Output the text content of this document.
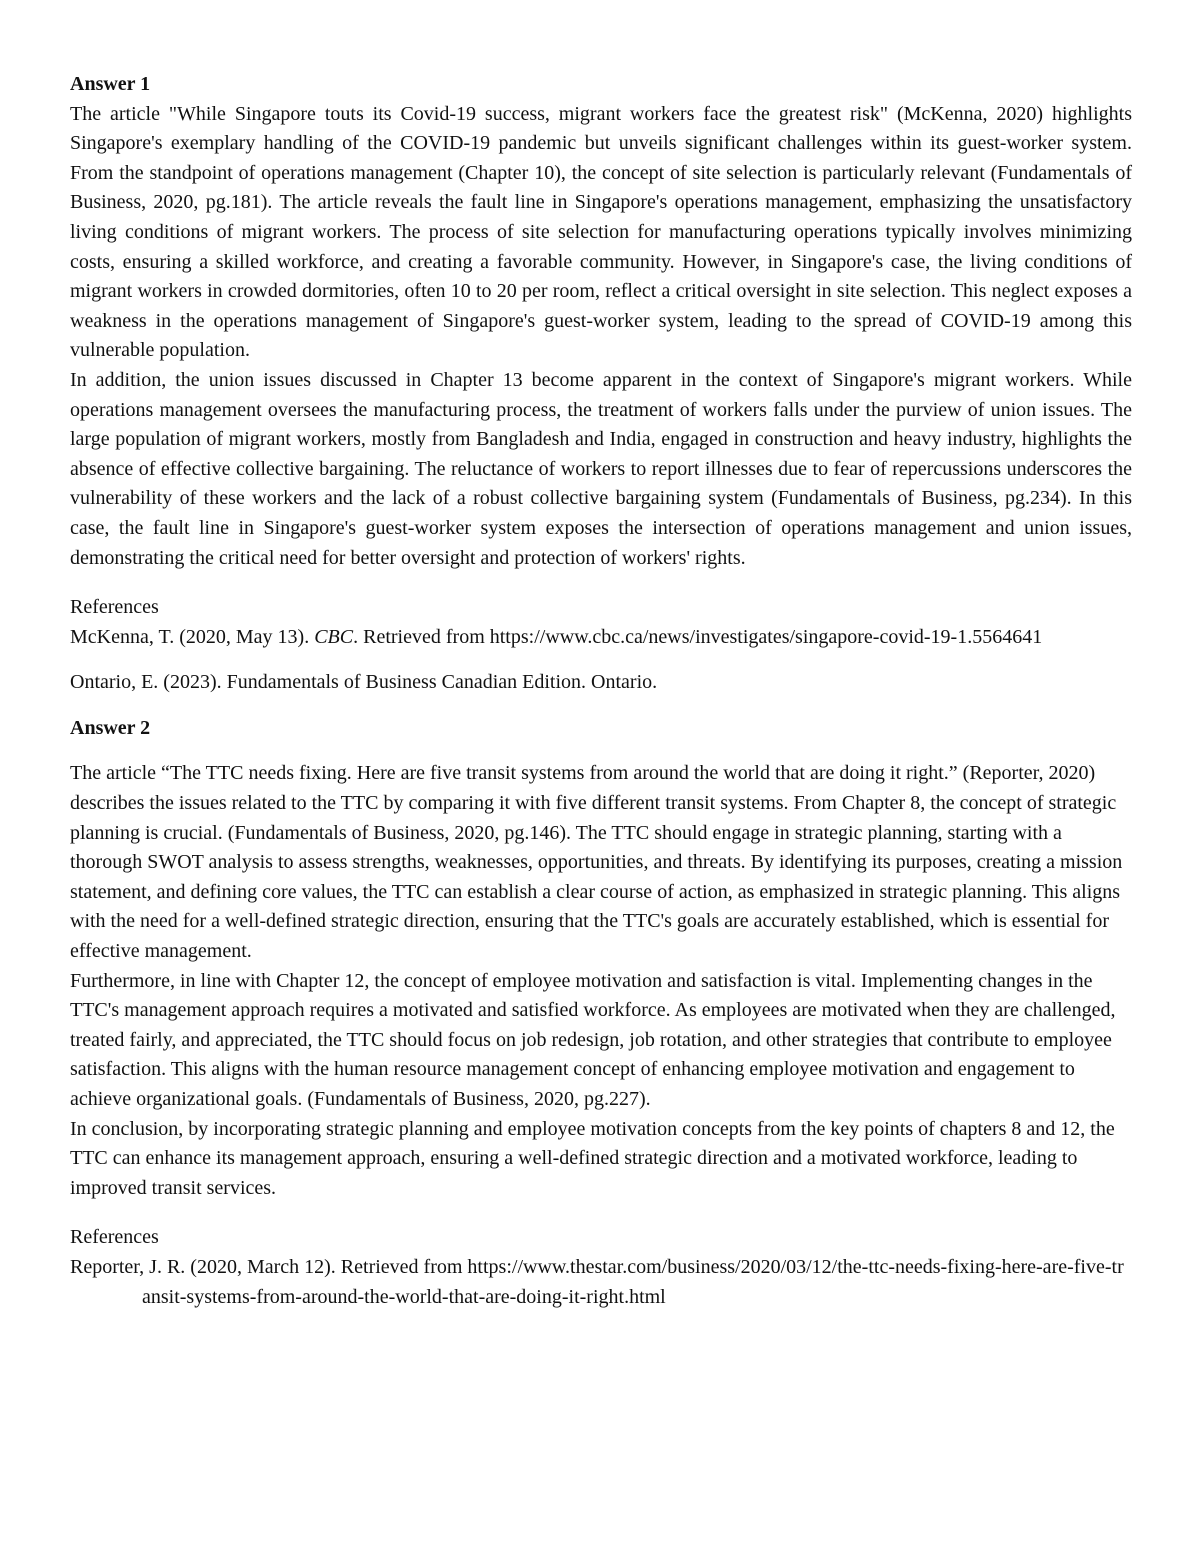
Answer 1

The article "While Singapore touts its Covid-19 success, migrant workers face the greatest risk" (McKenna, 2020) highlights Singapore's exemplary handling of the COVID-19 pandemic but unveils significant challenges within its guest-worker system. From the standpoint of operations management (Chapter 10), the concept of site selection is particularly relevant (Fundamentals of Business, 2020, pg.181). The article reveals the fault line in Singapore's operations management, emphasizing the unsatisfactory living conditions of migrant workers. The process of site selection for manufacturing operations typically involves minimizing costs, ensuring a skilled workforce, and creating a favorable community. However, in Singapore's case, the living conditions of migrant workers in crowded dormitories, often 10 to 20 per room, reflect a critical oversight in site selection. This neglect exposes a weakness in the operations management of Singapore's guest-worker system, leading to the spread of COVID-19 among this vulnerable population.

In addition, the union issues discussed in Chapter 13 become apparent in the context of Singapore's migrant workers. While operations management oversees the manufacturing process, the treatment of workers falls under the purview of union issues. The large population of migrant workers, mostly from Bangladesh and India, engaged in construction and heavy industry, highlights the absence of effective collective bargaining. The reluctance of workers to report illnesses due to fear of repercussions underscores the vulnerability of these workers and the lack of a robust collective bargaining system (Fundamentals of Business, pg.234). In this case, the fault line in Singapore's guest-worker system exposes the intersection of operations management and union issues, demonstrating the critical need for better oversight and protection of workers' rights.

References

McKenna, T. (2020, May 13). CBC. Retrieved from https://www.cbc.ca/news/investigates/singapore-covid-19-1.5564641

Ontario, E. (2023). Fundamentals of Business Canadian Edition. Ontario.

Answer 2

The article “The TTC needs fixing. Here are five transit systems from around the world that are doing it right.” (Reporter, 2020) describes the issues related to the TTC by comparing it with five different transit systems. From Chapter 8, the concept of strategic planning is crucial. (Fundamentals of Business, 2020, pg.146). The TTC should engage in strategic planning, starting with a thorough SWOT analysis to assess strengths, weaknesses, opportunities, and threats. By identifying its purposes, creating a mission statement, and defining core values, the TTC can establish a clear course of action, as emphasized in strategic planning. This aligns with the need for a well-defined strategic direction, ensuring that the TTC's goals are accurately established, which is essential for effective management.

Furthermore, in line with Chapter 12, the concept of employee motivation and satisfaction is vital. Implementing changes in the TTC's management approach requires a motivated and satisfied workforce. As employees are motivated when they are challenged, treated fairly, and appreciated, the TTC should focus on job redesign, job rotation, and other strategies that contribute to employee satisfaction. This aligns with the human resource management concept of enhancing employee motivation and engagement to achieve organizational goals. (Fundamentals of Business, 2020, pg.227).

In conclusion, by incorporating strategic planning and employee motivation concepts from the key points of chapters 8 and 12, the TTC can enhance its management approach, ensuring a well-defined strategic direction and a motivated workforce, leading to improved transit services.

References

Reporter, J. R. (2020, March 12). Retrieved from https://www.thestar.com/business/2020/03/12/the-ttc-needs-fixing-here-are-five-transit-systems-from-around-the-world-that-are-doing-it-right.html
